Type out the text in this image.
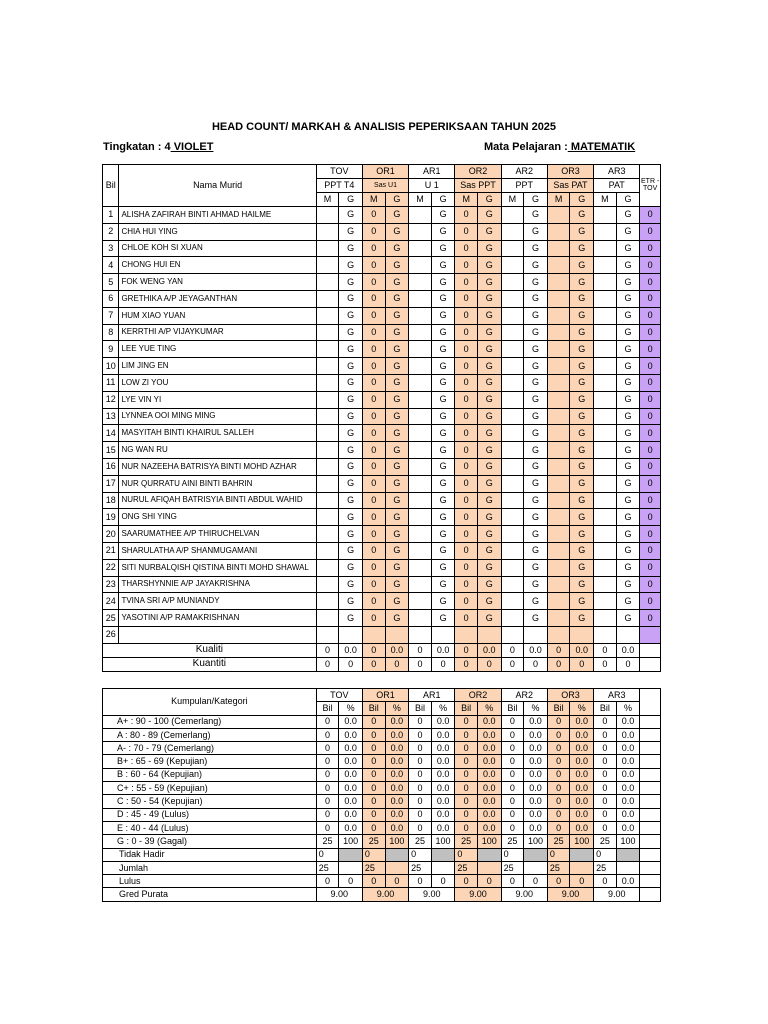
HEAD COUNT/ MARKAH & ANALISIS PEPERIKSAAN TAHUN 2025
Tingkatan : 4 VIOLET	Mata Pelajaran : MATEMATIK
Bil	Nama Murid	TOV		OR1		AR1		OR2		AR2		OR3		AR3		ETR - TOV
		PPT T4		Sas U1		U 1		Sas PPT		PPT		Sas PAT		PAT		
		M	G	M	G	M	G	M	G	M	G	M	G	M	G	
1	ALISHA ZAFIRAH BINTI AHMAD HAILME		G	0	G		G	0	G		G		G		G	0
2	CHIA HUI YING		G	0	G		G	0	G		G		G		G	0
3	CHLOE KOH SI XUAN		G	0	G		G	0	G		G		G		G	0
4	CHONG HUI EN		G	0	G		G	0	G		G		G		G	0
5	FOK WENG YAN		G	0	G		G	0	G		G		G		G	0
6	GRETHIKA A/P JEYAGANTHAN		G	0	G		G	0	G		G		G		G	0
7	HUM XIAO YUAN		G	0	G		G	0	G		G		G		G	0
8	KERRTHI A/P VIJAYKUMAR		G	0	G		G	0	G		G		G		G	0
9	LEE YUE TING		G	0	G		G	0	G		G		G		G	0
10	LIM JING EN		G	0	G		G	0	G		G		G		G	0
11	LOW ZI YOU		G	0	G		G	0	G		G		G		G	0
12	LYE VIN YI		G	0	G		G	0	G		G		G		G	0
13	LYNNEA OOI MING MING		G	0	G		G	0	G		G		G		G	0
14	MASYITAH BINTI KHAIRUL SALLEH		G	0	G		G	0	G		G		G		G	0
15	NG WAN RU		G	0	G		G	0	G		G		G		G	0
16	NUR NAZEEHA BATRISYA BINTI MOHD AZHAR		G	0	G		G	0	G		G		G		G	0
17	NUR QURRATU AINI BINTI BAHRIN		G	0	G		G	0	G		G		G		G	0
18	NURUL AFIQAH BATRISYIA BINTI ABDUL WAHID		G	0	G		G	0	G		G		G		G	0
19	ONG SHI YING		G	0	G		G	0	G		G		G		G	0
20	SAARUMATHEE A/P THIRUCHELVAN		G	0	G		G	0	G		G		G		G	0
21	SHARULATHA A/P SHANMUGAMANI		G	0	G		G	0	G		G		G		G	0
22	SITI NURBALQISH QISTINA BINTI MOHD SHAWAL		G	0	G		G	0	G		G		G		G	0
23	THARSHYNNIE A/P JAYAKRISHNA		G	0	G		G	0	G		G		G		G	0
24	TVINA SRI A/P MUNIANDY		G	0	G		G	0	G		G		G		G	0
25	YASOTINI A/P RAMAKRISHNAN		G	0	G		G	0	G		G		G		G	0
26																
Kualiti		0	0.0	0	0.0	0	0.0	0	0.0	0	0.0	0	0.0	0	0.0	
Kuantiti		0	0	0	0	0	0	0	0	0	0	0	0	0	0	
Kumpulan/Kategori	TOV		OR1		AR1		OR2		AR2		OR3		AR3		
	Bil	%	Bil	%	Bil	%	Bil	%	Bil	%	Bil	%	Bil	%	
A+ : 90 - 100 (Cemerlang)	0	0.0	0	0.0	0	0.0	0	0.0	0	0.0	0	0.0	0	0.0	
A : 80 - 89 (Cemerlang)	0	0.0	0	0.0	0	0.0	0	0.0	0	0.0	0	0.0	0	0.0	
A- : 70 - 79 (Cemerlang)	0	0.0	0	0.0	0	0.0	0	0.0	0	0.0	0	0.0	0	0.0	
B+ : 65 - 69 (Kepujian)	0	0.0	0	0.0	0	0.0	0	0.0	0	0.0	0	0.0	0	0.0	
B : 60 - 64 (Kepujian)	0	0.0	0	0.0	0	0.0	0	0.0	0	0.0	0	0.0	0	0.0	
C+ : 55 - 59 (Kepujian)	0	0.0	0	0.0	0	0.0	0	0.0	0	0.0	0	0.0	0	0.0	
C : 50 - 54 (Kepujian)	0	0.0	0	0.0	0	0.0	0	0.0	0	0.0	0	0.0	0	0.0	
D : 45 - 49 (Lulus)	0	0.0	0	0.0	0	0.0	0	0.0	0	0.0	0	0.0	0	0.0	
E : 40 - 44 (Lulus)	0	0.0	0	0.0	0	0.0	0	0.0	0	0.0	0	0.0	0	0.0	
G : 0 - 39 (Gagal)	25	100	25	100	25	100	25	100	25	100	25	100	25	100	
Tidak Hadir	0		0		0		0		0		0		0		
Jumlah	25		25		25		25		25		25		25		
Lulus	0	0	0	0	0	0	0	0	0	0	0	0	0	0.0	
Gred Purata	9.00		9.00		9.00		9.00		9.00		9.00		9.00		
